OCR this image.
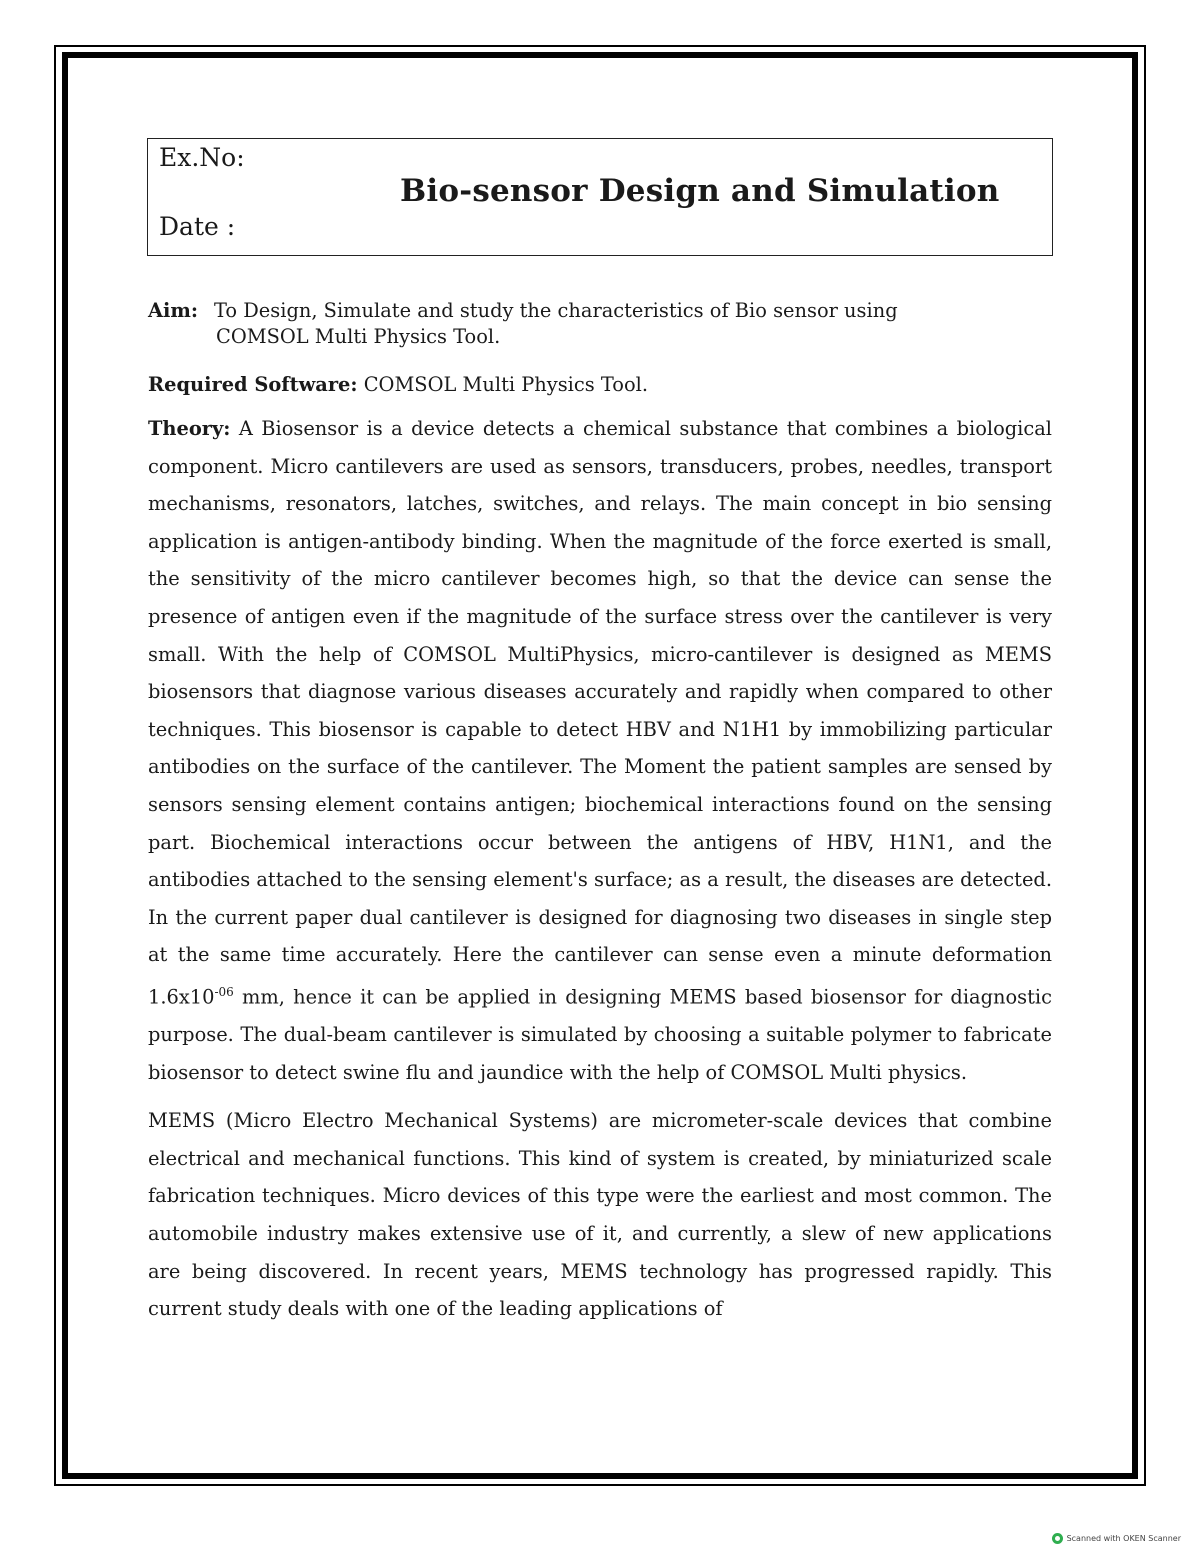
Ex.No:
Bio-sensor Design and Simulation
Date :
Aim: To Design, Simulate and study the characteristics of Bio sensor using
COMSOL Multi Physics Tool.

Required Software: COMSOL Multi Physics Tool.

Theory: A Biosensor is a device detects a chemical substance that combines a biological component. Micro cantilevers are used as sensors, transducers, probes, needles, transport mechanisms, resonators, latches, switches, and relays. The main concept in bio sensing application is antigen-antibody binding. When the magnitude of the force exerted is small, the sensitivity of the micro cantilever becomes high, so that the device can sense the presence of antigen even if the magnitude of the surface stress over the cantilever is very small. With the help of COMSOL MultiPhysics, micro-cantilever is designed as MEMS biosensors that diagnose various diseases accurately and rapidly when compared to other techniques. This biosensor is capable to detect HBV and N1H1 by immobilizing particular antibodies on the surface of the cantilever. The Moment the patient samples are sensed by sensors sensing element contains antigen; biochemical interactions found on the sensing part. Biochemical interactions occur between the antigens of HBV, H1N1, and the antibodies attached to the sensing element's surface; as a result, the diseases are detected. In the current paper dual cantilever is designed for diagnosing two diseases in single step at the same time accurately. Here the cantilever can sense even a minute deformation $1.6x10^{-06}$ mm, hence it can be applied in designing MEMS based biosensor for diagnostic purpose. The dual-beam cantilever is simulated by choosing a suitable polymer to fabricate biosensor to detect swine flu and jaundice with the help of COMSOL Multi physics.

MEMS (Micro Electro Mechanical Systems) are micrometer-scale devices that combine electrical and mechanical functions. This kind of system is created, by miniaturized scale fabrication techniques. Micro devices of this type were the earliest and most common. The automobile industry makes extensive use of it, and currently, a slew of new applications are being discovered. In recent years, MEMS technology has progressed rapidly. This current study deals with one of the leading applications of

Scanned with OKEN Scanner
